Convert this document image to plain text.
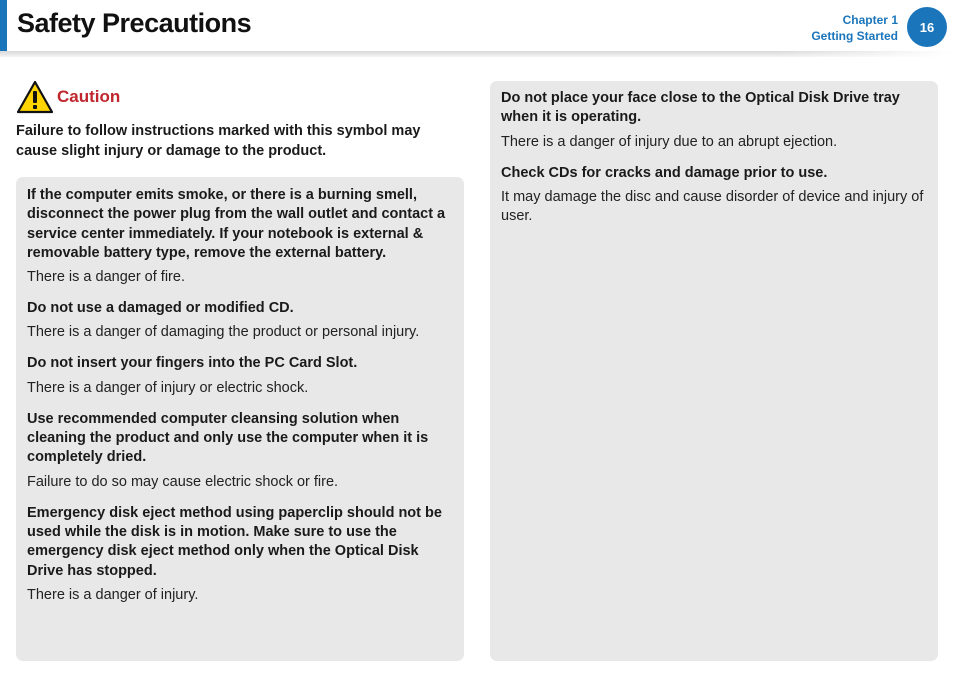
Safety Precautions	Chapter 1
Getting Started
16
Caution
Failure to follow instructions marked with this symbol may cause slight injury or damage to the product.
If the computer emits smoke, or there is a burning smell, disconnect the power plug from the wall outlet and contact a service center immediately. If your notebook is external & removable battery type, remove the external battery.
There is a danger of fire.
Do not use a damaged or modified CD.
There is a danger of damaging the product or personal injury.
Do not insert your fingers into the PC Card Slot.
There is a danger of injury or electric shock.
Use recommended computer cleansing solution when cleaning the product and only use the computer when it is completely dried.
Failure to do so may cause electric shock or fire.
Emergency disk eject method using paperclip should not be used while the disk is in motion. Make sure to use the emergency disk eject method only when the Optical Disk Drive has stopped.
There is a danger of injury.
Do not place your face close to the Optical Disk Drive tray when it is operating.
There is a danger of injury due to an abrupt ejection.
Check CDs for cracks and damage prior to use.
It may damage the disc and cause disorder of device and injury of user.
